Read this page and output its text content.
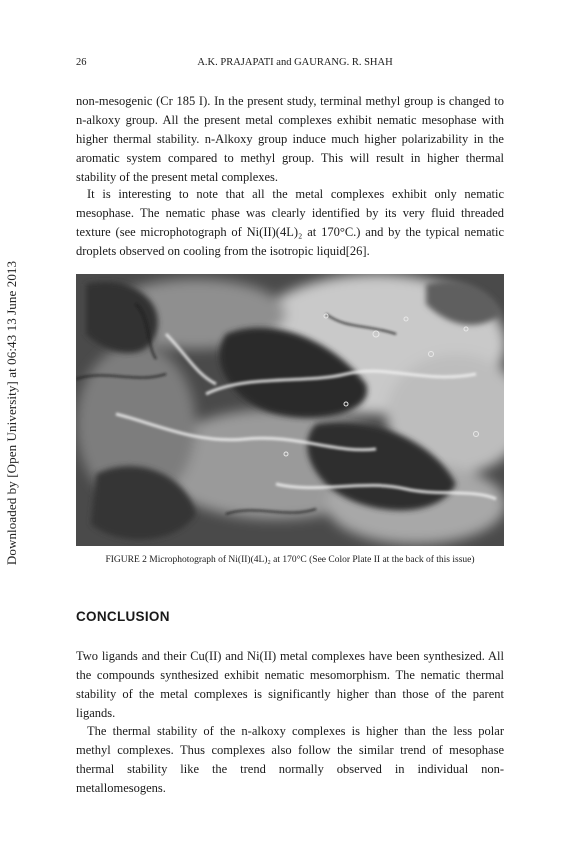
Downloaded by [Open University] at 06:43 13 June 2013
26	A.K. PRAJAPATI and GAURANG. R. SHAH

non-mesogenic (Cr 185 I). In the present study, terminal methyl group is changed to n-alkoxy group. All the present metal complexes exhibit nematic mesophase with higher thermal stability. n-Alkoxy group induce much higher polarizability in the aromatic system compared to methyl group. This will result in higher thermal stability of the present metal complexes.

It is interesting to note that all the metal complexes exhibit only nematic mesophase. The nematic phase was clearly identified by its very fluid threaded texture (see microphotograph of Ni(II)(4L)₂ at 170°C.) and by the typical nematic droplets observed on cooling from the isotropic liquid[26].

FIGURE 2 Microphotograph of Ni(II)(4L)₂ at 170°C (See Color Plate II at the back of this issue)
CONCLUSION

Two ligands and their Cu(II) and Ni(II) metal complexes have been synthesized. All the compounds synthesized exhibit nematic mesomorphism. The nematic thermal stability of the metal complexes is significantly higher than those of the parent ligands.

The thermal stability of the n-alkoxy complexes is higher than the less polar methyl complexes. Thus complexes also follow the similar trend of mesophase thermal stability like the trend normally observed in individual non-metallomesogens.
